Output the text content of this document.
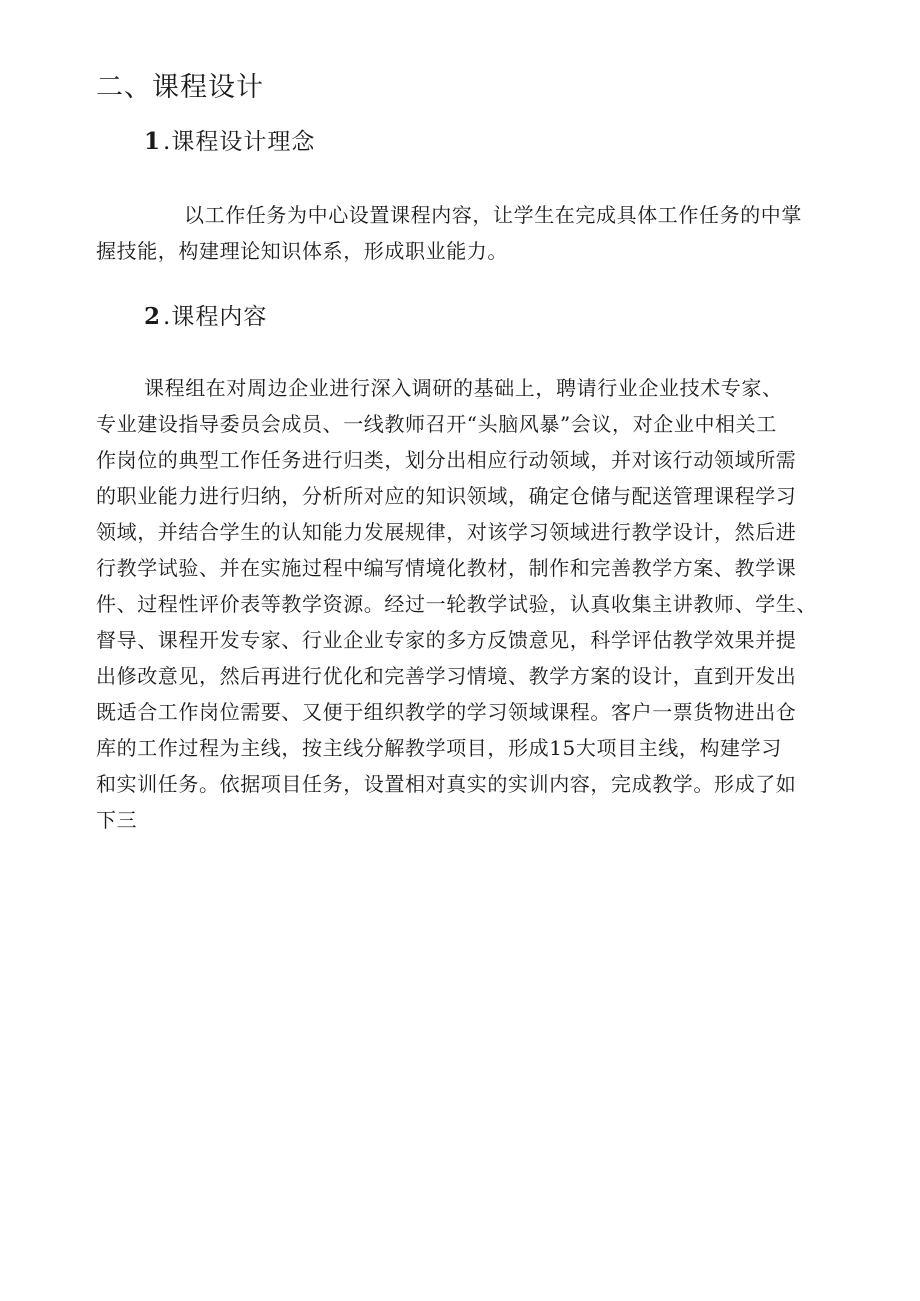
二、课程设计
1.课程设计理念
以工作任务为中心设置课程内容，让学生在完成具体工作任务的中掌
握技能，构建理论知识体系，形成职业能力。
2.课程内容
课程组在对周边企业进行深入调研的基础上，聘请行业企业技术专家、
专业建设指导委员会成员、一线教师召开“头脑风暴”会议，对企业中相关工
作岗位的典型工作任务进行归类，划分出相应行动领域，并对该行动领域所需
的职业能力进行归纳，分析所对应的知识领域，确定仓储与配送管理课程学习
领域，并结合学生的认知能力发展规律，对该学习领域进行教学设计，然后进
行教学试验、并在实施过程中编写情境化教材，制作和完善教学方案、教学课
件、过程性评价表等教学资源。经过一轮教学试验，认真收集主讲教师、学生、
督导、课程开发专家、行业企业专家的多方反馈意见，科学评估教学效果并提
出修改意见，然后再进行优化和完善学习情境、教学方案的设计，直到开发出
既适合工作岗位需要、又便于组织教学的学习领域课程。客户一票货物进出仓
库的工作过程为主线，按主线分解教学项目，形成15大项目主线，构建学习
和实训任务。依据项目任务，设置相对真实的实训内容，完成教学。形成了如
下三
